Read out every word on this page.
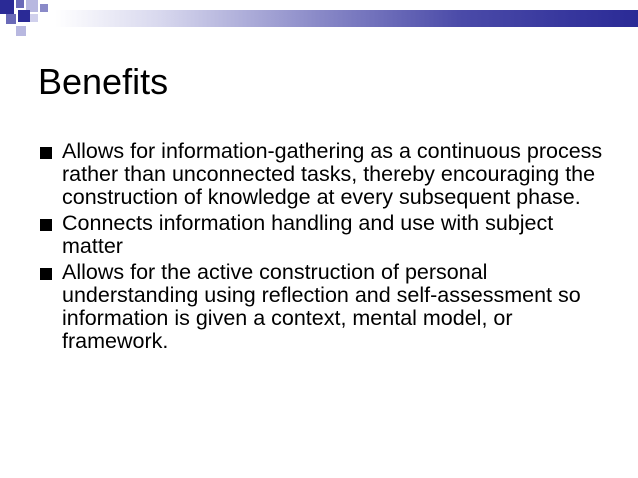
Benefits
Allows for information-gathering as a continuous process rather than unconnected tasks, thereby encouraging the construction of knowledge at every subsequent phase.
Connects information handling and use with subject matter
Allows for the active construction of personal understanding using reflection and self-assessment so information is given a context, mental model, or framework.
